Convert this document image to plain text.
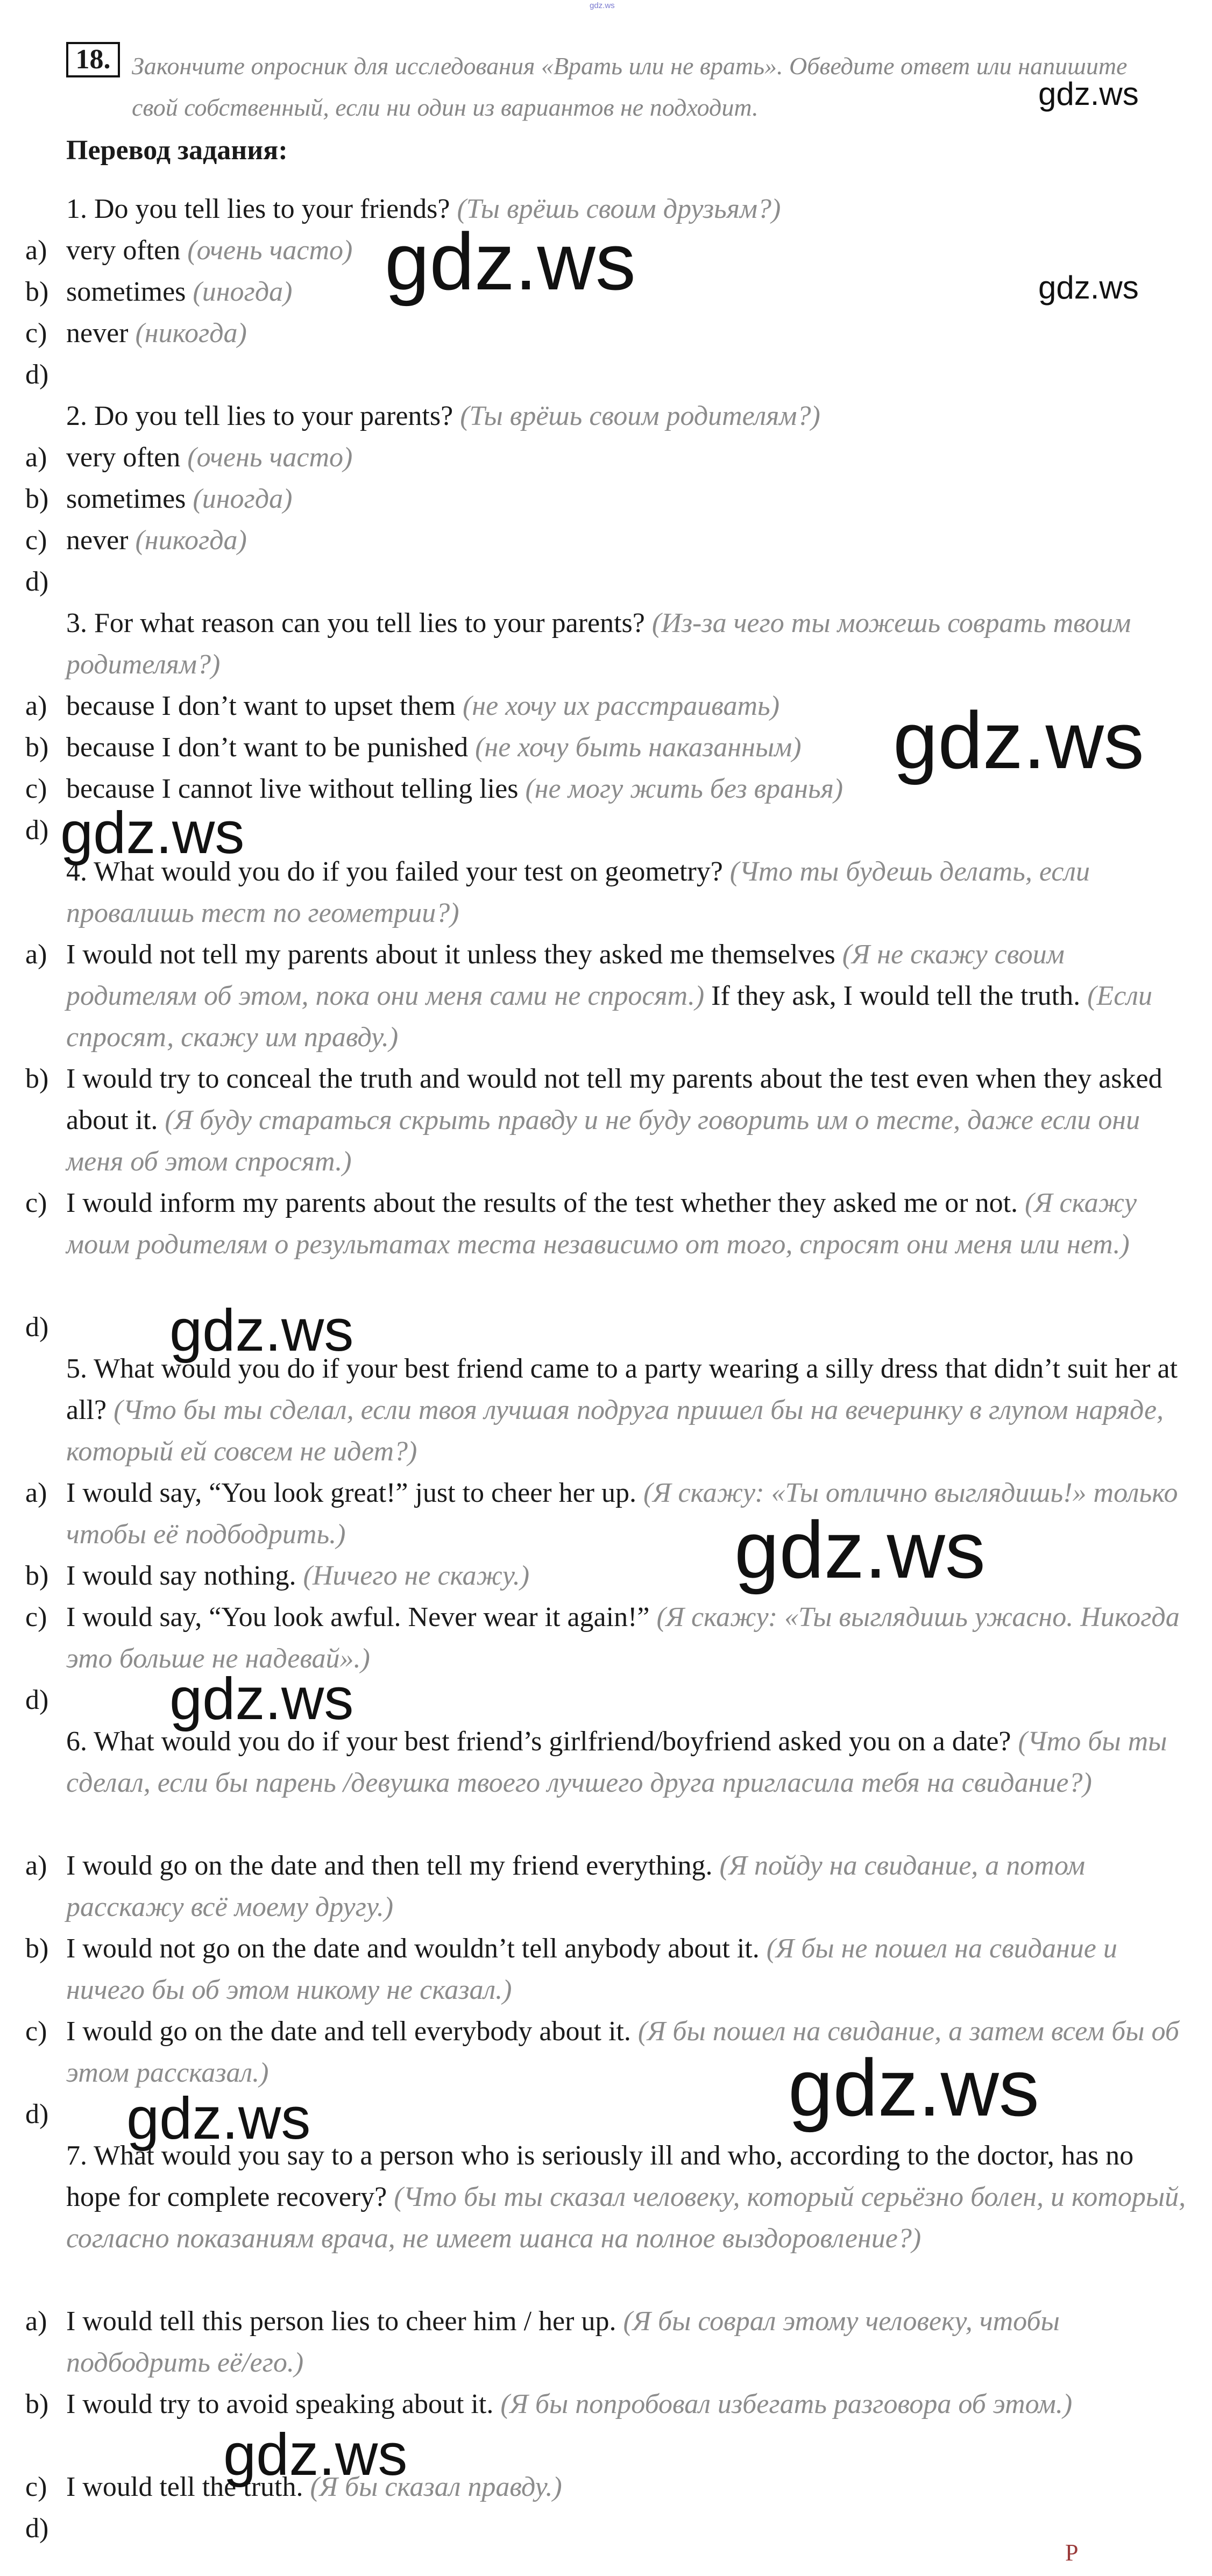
gdz.ws
18. Закончите опросник для исследования «Врать или не врать». Обведите ответ или напишите свой собственный, если ни один из вариантов не подходит.
Перевод задания:
1. Do you tell lies to your friends? (Ты врёшь своим друзьям?)
a) very often (очень часто)
b) sometimes (иногда)
c) never (никогда)
d)
2. Do you tell lies to your parents? (Ты врёшь своим родителям?)
a) very often (очень часто)
b) sometimes (иногда)
c) never (никогда)
d)
3. For what reason can you tell lies to your parents? (Из-за чего ты можешь соврать твоим родителям?)
a) because I don’t want to upset them (не хочу их расстраивать)
b) because I don’t want to be punished (не хочу быть наказанным)
c) because I cannot live without telling lies (не могу жить без вранья)
d)
4. What would you do if you failed your test on geometry? (Что ты будешь делать, если провалишь тест по геометрии?)
a) I would not tell my parents about it unless they asked me themselves (Я не скажу своим родителям об этом, пока они меня сами не спросят.) If they ask, I would tell the truth. (Если спросят, скажу им правду.)
b) I would try to conceal the truth and would not tell my parents about the test even when they asked about it. (Я буду стараться скрыть правду и не буду говорить им о тесте, даже если они меня об этом спросят.)
c) I would inform my parents about the results of the test whether they asked me or not. (Я скажу моим родителям о результатах теста независимо от того, спросят они меня или нет.)
d)
5. What would you do if your best friend came to a party wearing a silly dress that didn’t suit her at all? (Что бы ты сделал, если твоя лучшая подруга пришел бы на вечеринку в глупом наряде, который ей совсем не идет?)
a) I would say, “You look great!” just to cheer her up. (Я скажу: «Ты отлично выглядишь!» только чтобы её подбодрить.)
b) I would say nothing. (Ничего не скажу.)
c) I would say, “You look awful. Never wear it again!” (Я скажу: «Ты выглядишь ужасно. Никогда это больше не надевай».)
d)
6. What would you do if your best friend’s girlfriend/boyfriend asked you on a date? (Что бы ты сделал, если бы парень /девушка твоего лучшего друга пригласила тебя на свидание?)
a) I would go on the date and then tell my friend everything. (Я пойду на свидание, а потом расскажу всё моему другу.)
b) I would not go on the date and wouldn’t tell anybody about it. (Я бы не пошел на свидание и ничего бы об этом никому не сказал.)
c) I would go on the date and tell everybody about it. (Я бы пошел на свидание, а затем всем бы об этом рассказал.)
d)
7. What would you say to a person who is seriously ill and who, according to the doctor, has no hope for complete recovery? (Что бы ты сказал человеку, который серьёзно болен, и который, согласно показаниям врача, не имеет шанса на полное выздоровление?)
a) I would tell this person lies to cheer him / her up. (Я бы соврал этому человеку, чтобы подбодрить её/его.)
b) I would try to avoid speaking about it. (Я бы попробовал избегать разговора об этом.)
c) I would tell the truth. (Я бы сказал правду.)
d)
gdz.ws
gdz.ws	gdz.ws
gdz.ws
gdz.ws
gdz.ws
gdz.ws
gdz.ws
gdz.ws
gdz.ws
gdz.ws
Р
